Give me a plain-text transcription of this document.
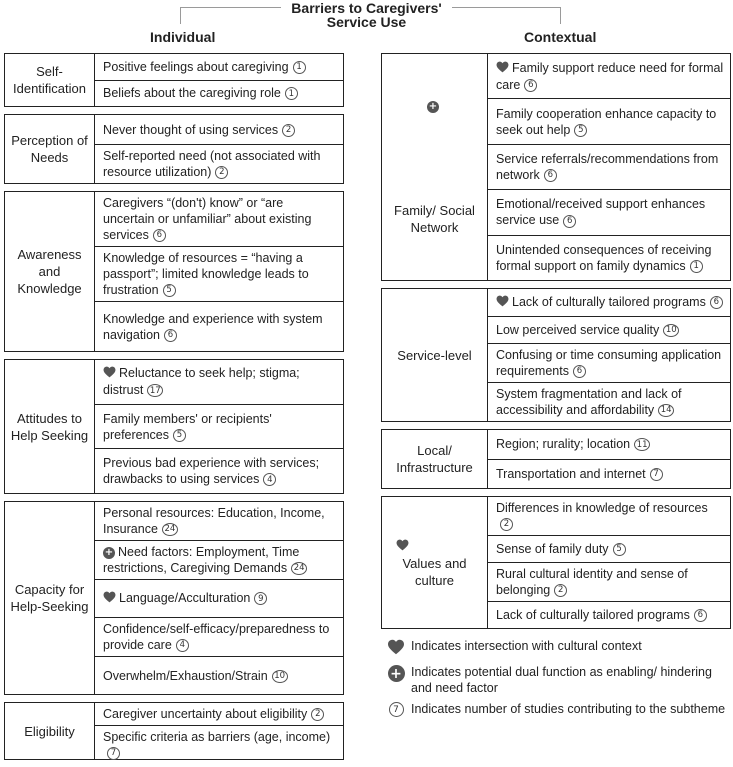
Barriers to Caregivers'
Service Use
Individual	Contextual
Self-Identification
Positive feelings about caregiving 1
Beliefs about the caregiving role 1
Perception of Needs
Never thought of using services 2
Self-reported need (not associated with resource utilization) 2
Awareness and Knowledge
Caregivers “(don't) know” or “are uncertain or unfamiliar” about existing services 6
Knowledge of resources = “having a passport”; limited knowledge leads to frustration 5
Knowledge and experience with system navigation 6
Attitudes to Help Seeking
Reluctance to seek help; stigma; distrust 17
Family members' or recipients' preferences 5
Previous bad experience with services; drawbacks to using services 4
Capacity for Help-Seeking
Personal resources: Education, Income, Insurance 24
+ Need factors: Employment, Time restrictions, Caregiving Demands 24
Language/Acculturation 9
Confidence/self-efficacy/preparedness to provide care 4
Overwhelm/Exhaustion/Strain 10
Eligibility
Caregiver uncertainty about eligibility 2
Specific criteria as barriers (age, income)7
+
Family/ Social Network
Family support reduce need for formal care 6
Family cooperation enhance capacity to seek out help 5
Service referrals/recommendations from network 6
Emotional/received support enhances service use 6
Unintended consequences of receiving formal support on family dynamics 1
Service-level
Lack of culturally tailored programs 6
Low perceived service quality 10
Confusing or time consuming application requirements 6
System fragmentation and lack of accessibility and affordability 14
Local/ Infrastructure
Region; rurality; location 11
Transportation and internet 7
Values and culture
Differences in knowledge of resources2
Sense of family duty 5
Rural cultural identity and sense of belonging 2
Lack of culturally tailored programs 6
Indicates intersection with cultural context
+ Indicates potential dual function as enabling/ hindering and need factor
7 Indicates number of studies contributing to the subtheme
